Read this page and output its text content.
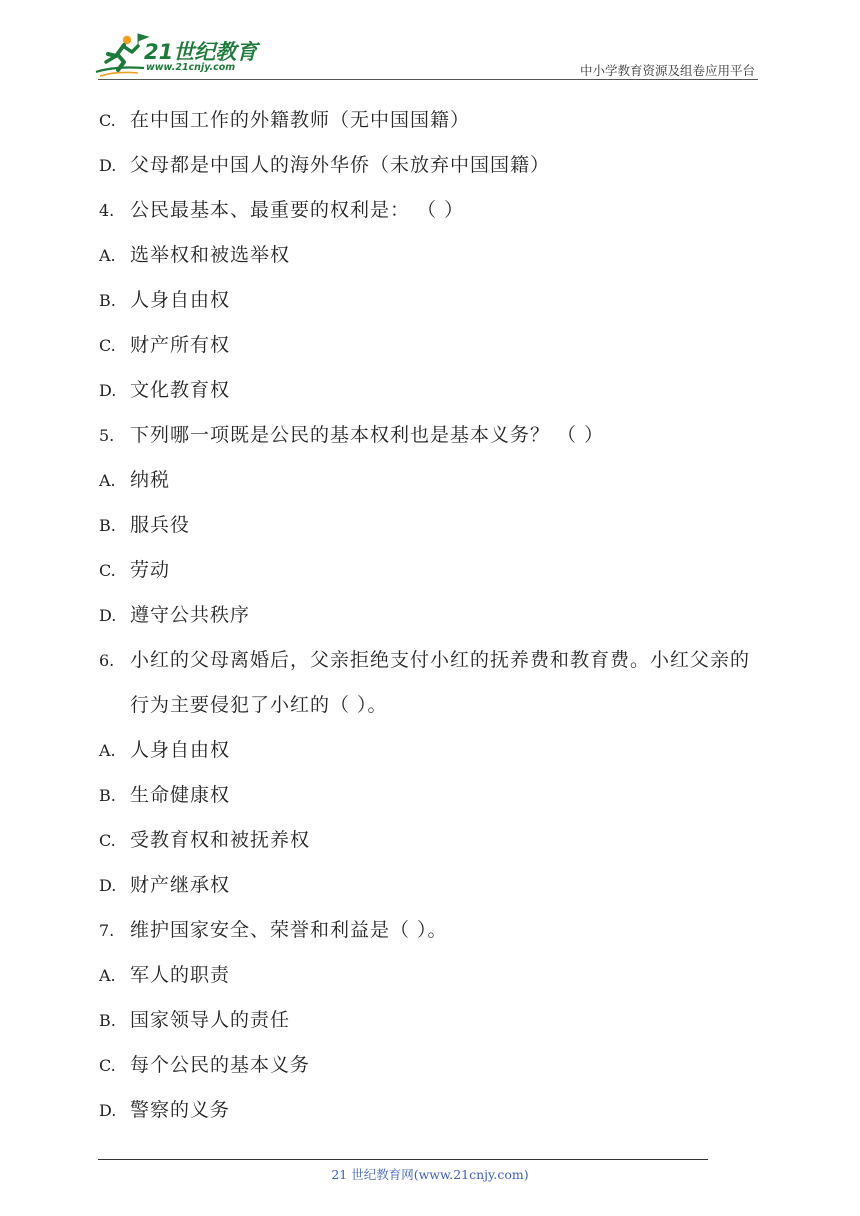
21世纪教育
www.21cnjy.com	中小学教育资源及组卷应用平台
C. 在中国工作的外籍教师（无中国国籍）
D. 父母都是中国人的海外华侨（未放弃中国国籍）
4. 公民最基本、最重要的权利是： （ ）
A. 选举权和被选举权
B. 人身自由权
C. 财产所有权
D. 文化教育权
5. 下列哪一项既是公民的基本权利也是基本义务？ （ ）
A. 纳税
B. 服兵役
C. 劳动
D. 遵守公共秩序
6. 小红的父母离婚后，父亲拒绝支付小红的抚养费和教育费。小红父亲的
行为主要侵犯了小红的（ ）。
A. 人身自由权
B. 生命健康权
C. 受教育权和被抚养权
D. 财产继承权
7. 维护国家安全、荣誉和利益是（ ）。
A. 军人的职责
B. 国家领导人的责任
C. 每个公民的基本义务
D. 警察的义务
21 世纪教育网(www.21cnjy.com)
